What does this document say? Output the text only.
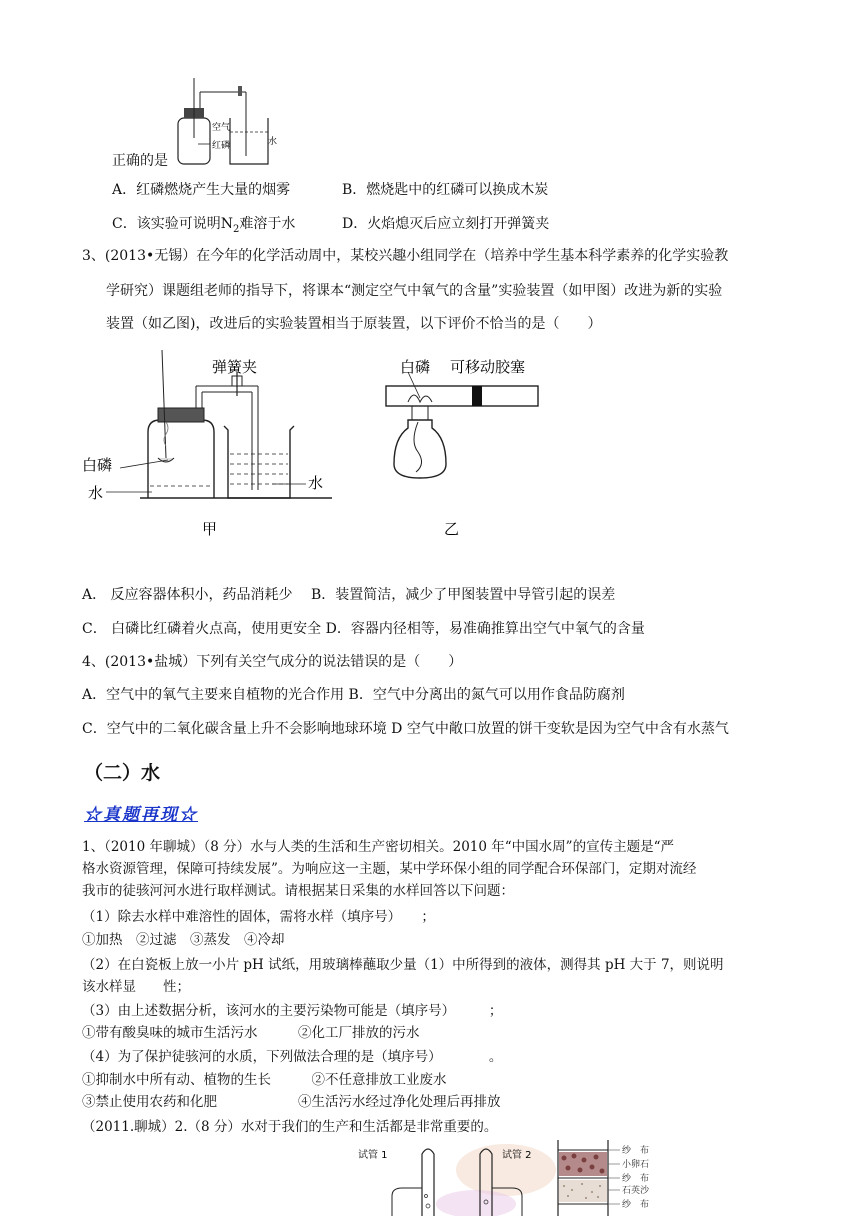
空气
红磷	水
正确的是
A．红磷燃烧产生大量的烟雾	B．燃烧匙中的红磷可以换成木炭
C．该实验可说明$N_2$难溶于水	D．火焰熄灭后应立刻打开弹簧夹
3、(2013•无锡）在今年的化学活动周中，某校兴趣小组同学在（培养中学生基本科学素养的化学实验教
学研究）课题组老师的指导下，将课本“测定空气中氧气的含量”实验装置（如甲图）改进为新的实验
装置（如乙图)，改进后的实验装置相当于原装置，以下评价不恰当的是（　　）
弹簧夹
白磷
水
水
甲
白磷 可移动胶塞
乙
A． 反应容器体积小，药品消耗少　 B．装置简洁，减少了甲图装置中导管引起的误差
C． 白磷比红磷着火点高，使用更安全 D．容器内径相等，易准确推算出空气中氧气的含量
4、(2013•盐城）下列有关空气成分的说法错误的是（　　）
A．空气中的氧气主要来自植物的光合作用 B．空气中分离出的氮气可以用作食品防腐剂
C．空气中的二氧化碳含量上升不会影响地球环境 D 空气中敞口放置的饼干变软是因为空气中含有水蒸气
（二）水
☆真题再现☆
1、（2010 年聊城）（8 分）水与人类的生活和生产密切相关。2010 年“中国水周”的宣传主题是“严
格水资源管理，保障可持续发展”。为响应这一主题，某中学环保小组的同学配合环保部门，定期对流经
我市的徒骇河河水进行取样测试。请根据某日采集的水样回答以下问题：
（1）除去水样中难溶性的固体，需将水样（填序号）　　；
①加热　②过滤　③蒸发　④冷却
（2）在白瓷板上放一小片 pH 试纸，用玻璃棒蘸取少量（1）中所得到的液体，测得其 pH 大于 7，则说明
该水样显　　性；
（3）由上述数据分析，该河水的主要污染物可能是（填序号）　　　；
①带有酸臭味的城市生活污水　　　②化工厂排放的污水
（4）为了保护徒骇河的水质，下列做法合理的是（填序号）　　　　。
①抑制水中所有动、植物的生长　　　②不任意排放工业废水
③禁止使用农药和化肥　　　　　　④生活污水经过净化处理后再排放
（2011.聊城）2.（8 分）水对于我们的生产和生活都是非常重要的。
试管 1	试管 2	纱　布
小卵石
纱　布
石英沙
纱　布
